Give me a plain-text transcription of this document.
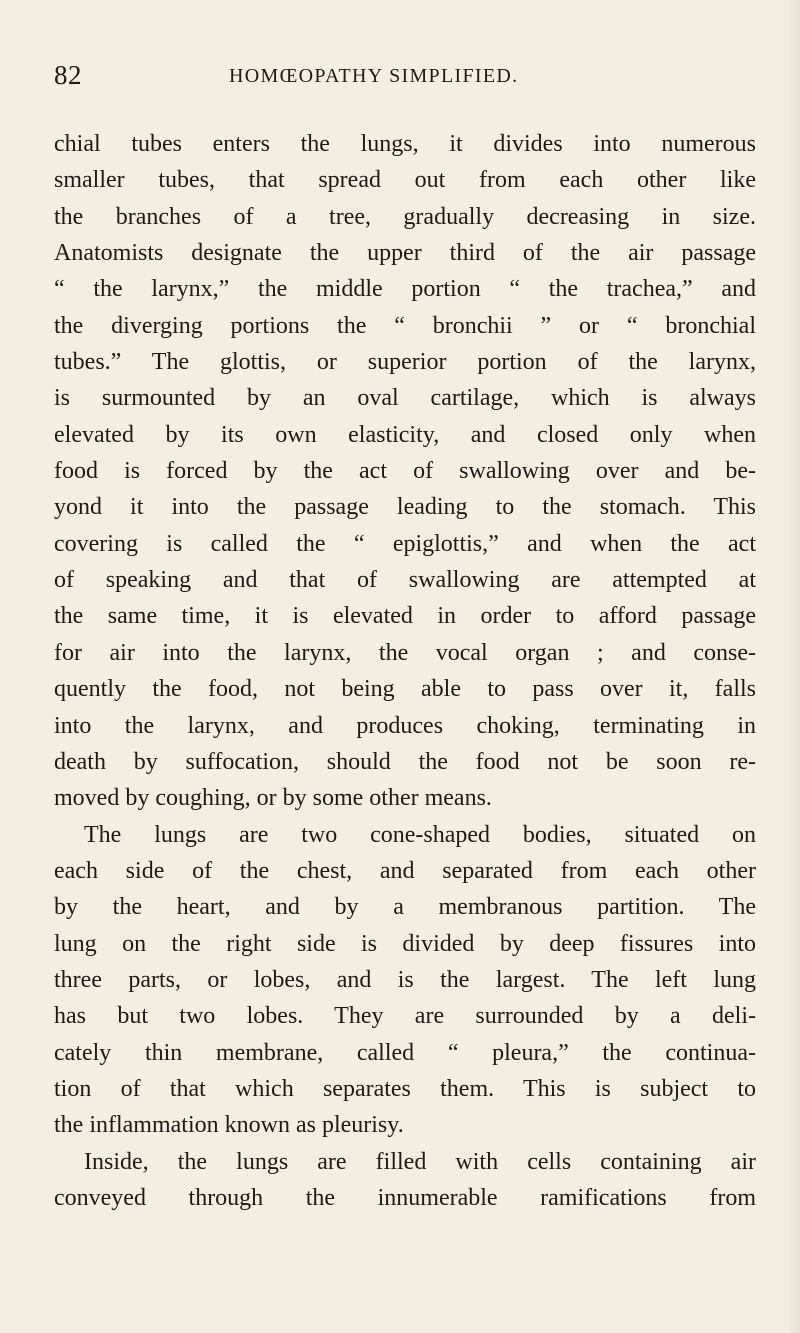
82	HOMŒOPATHY SIMPLIFIED.
chial tubes enters the lungs, it divides into numerous
smaller tubes, that spread out from each other like
the branches of a tree, gradually decreasing in size.
Anatomists designate the upper third of the air passage
“ the larynx,” the middle portion “ the trachea,” and
the diverging portions the “ bronchii ” or “ bronchial
tubes.” The glottis, or superior portion of the larynx,
is surmounted by an oval cartilage, which is always
elevated by its own elasticity, and closed only when
food is forced by the act of swallowing over and be-
yond it into the passage leading to the stomach. This
covering is called the “ epiglottis,” and when the act
of speaking and that of swallowing are attempted at
the same time, it is elevated in order to afford passage
for air into the larynx, the vocal organ ; and conse-
quently the food, not being able to pass over it, falls
into the larynx, and produces choking, terminating in
death by suffocation, should the food not be soon re-
moved by coughing, or by some other means.
The lungs are two cone-shaped bodies, situated on
each side of the chest, and separated from each other
by the heart, and by a membranous partition. The
lung on the right side is divided by deep fissures into
three parts, or lobes, and is the largest. The left lung
has but two lobes. They are surrounded by a deli-
cately thin membrane, called “ pleura,” the continua-
tion of that which separates them. This is subject to
the inflammation known as pleurisy.
Inside, the lungs are filled with cells containing air
conveyed through the innumerable ramifications from
